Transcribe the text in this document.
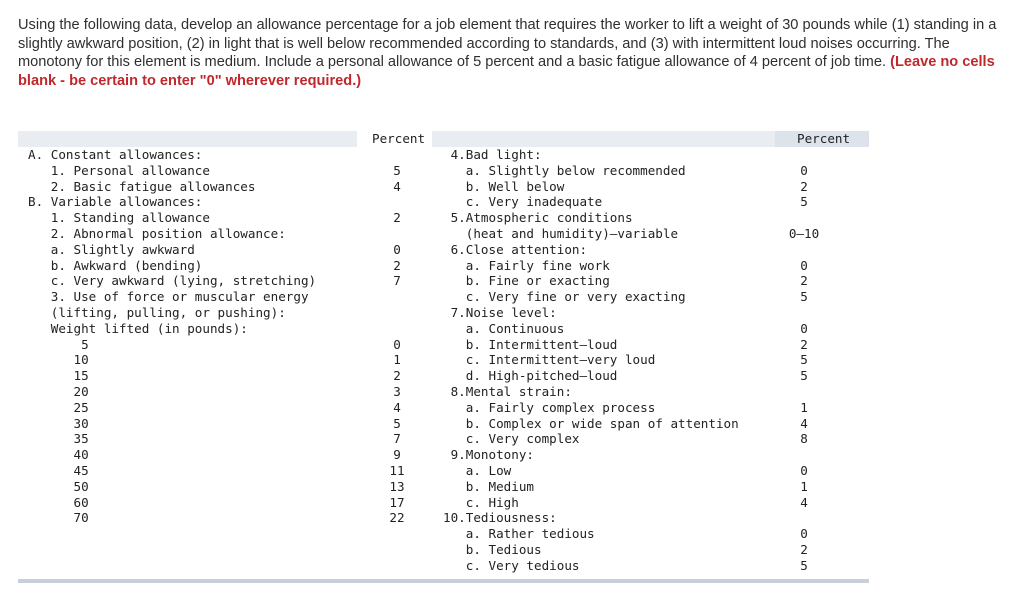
Using the following data, develop an allowance percentage for a job element that requires the worker to lift a weight of 30 pounds while (1) standing in a slightly awkward position, (2) in light that is well below recommended according to standards, and (3) with intermittent loud noises occurring. The monotony for this element is medium. Include a personal allowance of 5 percent and a basic fatigue allowance of 4 percent of job time. (Leave no cells blank - be certain to enter "0" wherever required.)
Percent	Percent
A. Constant allowances:
1. Personal allowance	5
2. Basic fatigue allowances	4
B. Variable allowances:
1. Standing allowance	2
2. Abnormal position allowance:
a. Slightly awkward	0
b. Awkward (bending)	2
c. Very awkward (lying, stretching)	7
3. Use of force or muscular energy
(lifting, pulling, or pushing):
Weight lifted (in pounds):
5	0
10	1
15	2
20	3
25	4
30	5
35	7
40	9
45	11
50	13
60	17
70	22
4.Bad light:
a. Slightly below recommended	0
b. Well below	2
c. Very inadequate	5
5.Atmospheric conditions
(heat and humidity)—variable	0–10
6.Close attention:
a. Fairly fine work	0
b. Fine or exacting	2
c. Very fine or very exacting	5
7.Noise level:
a. Continuous	0
b. Intermittent—loud	2
c. Intermittent—very loud	5
d. High-pitched—loud	5
8.Mental strain:
a. Fairly complex process	1
b. Complex or wide span of attention	4
c. Very complex	8
9.Monotony:
a. Low	0
b. Medium	1
c. High	4
10.Tediousness:
a. Rather tedious	0
b. Tedious	2
c. Very tedious	5
